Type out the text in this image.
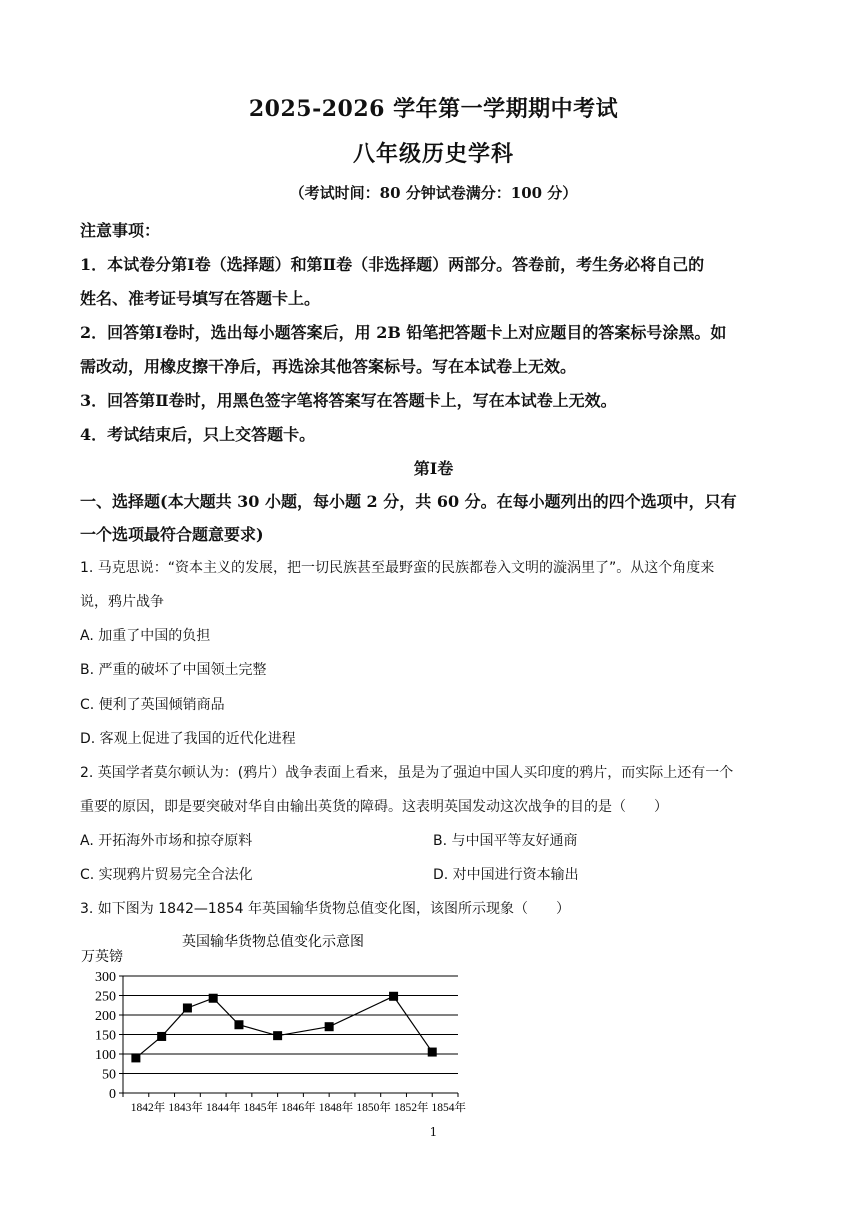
2025-2026 学年第一学期期中考试
八年级历史学科
（考试时间：80 分钟试卷满分：100 分）
注意事项：
1．本试卷分第Ⅰ卷（选择题）和第Ⅱ卷（非选择题）两部分。答卷前，考生务必将自己的
姓名、准考证号填写在答题卡上。
2．回答第Ⅰ卷时，选出每小题答案后，用 2B 铅笔把答题卡上对应题目的答案标号涂黑。如
需改动，用橡皮擦干净后，再选涂其他答案标号。写在本试卷上无效。
3．回答第Ⅱ卷时，用黑色签字笔将答案写在答题卡上，写在本试卷上无效。
4．考试结束后，只上交答题卡。
第Ⅰ卷
一、选择题(本大题共 30 小题，每小题 2 分，共 60 分。在每小题列出的四个选项中，只有
一个选项最符合题意要求)
1. 马克思说：“资本主义的发展，把一切民族甚至最野蛮的民族都卷入文明的漩涡里了”。从这个角度来
说，鸦片战争
A. 加重了中国的负担
B. 严重的破坏了中国领土完整
C. 便利了英国倾销商品
D. 客观上促进了我国的近代化进程
2. 英国学者莫尔顿认为：(鸦片）战争表面上看来，虽是为了强迫中国人买印度的鸦片，而实际上还有一个
重要的原因，即是要突破对华自由输出英货的障碍。这表明英国发动这次战争的目的是（　　）
A. 开拓海外市场和掠夺原料	B. 与中国平等友好通商
C. 实现鸦片贸易完全合法化	D. 对中国进行资本输出
3. 如下图为 1842—1854 年英国输华货物总值变化图，该图所示现象（　　）
英国输华货物总值变化示意图
万英镑
0
50
100
150
200
250
300
1842年 1843年 1844年 1845年 1846年 1848年 1850年 1852年 1854年
1
